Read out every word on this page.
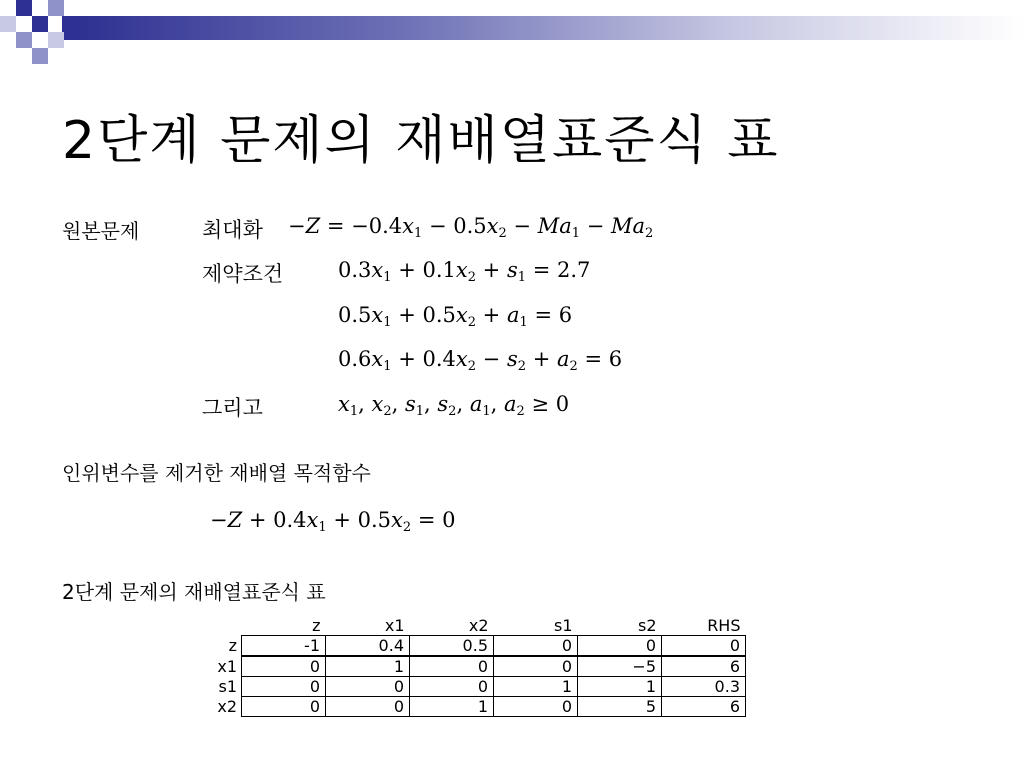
2단계 문제의 재배열표준식 표
원본문제	최대화 $-Z = -0.4x_1 - 0.5x_2 - Ma_1 - Ma_2$
제약조건	$0.3x_1 + 0.1x_2 + s_1 = 2.7$
$0.5x_1 + 0.5x_2 + a_1 = 6$
$0.6x_1 + 0.4x_2 - s_2 + a_2 = 6$
그리고	$x_1$, $x_2$, $s_1$, $s_2$, $a_1$, $a_2 \ge 0$
인위변수를 제거한 재배열 목적함수
$-Z + 0.4x_1 + 0.5x_2 = 0$
2단계 문제의 재배열표준식 표
	z	x1	x2	s1	s2	RHS
z	-1	0.4	0.5	0	0	0
x1	0	1	0	0	−5	6
s1	0	0	0	1	1	0.3
x2	0	0	1	0	5	6
